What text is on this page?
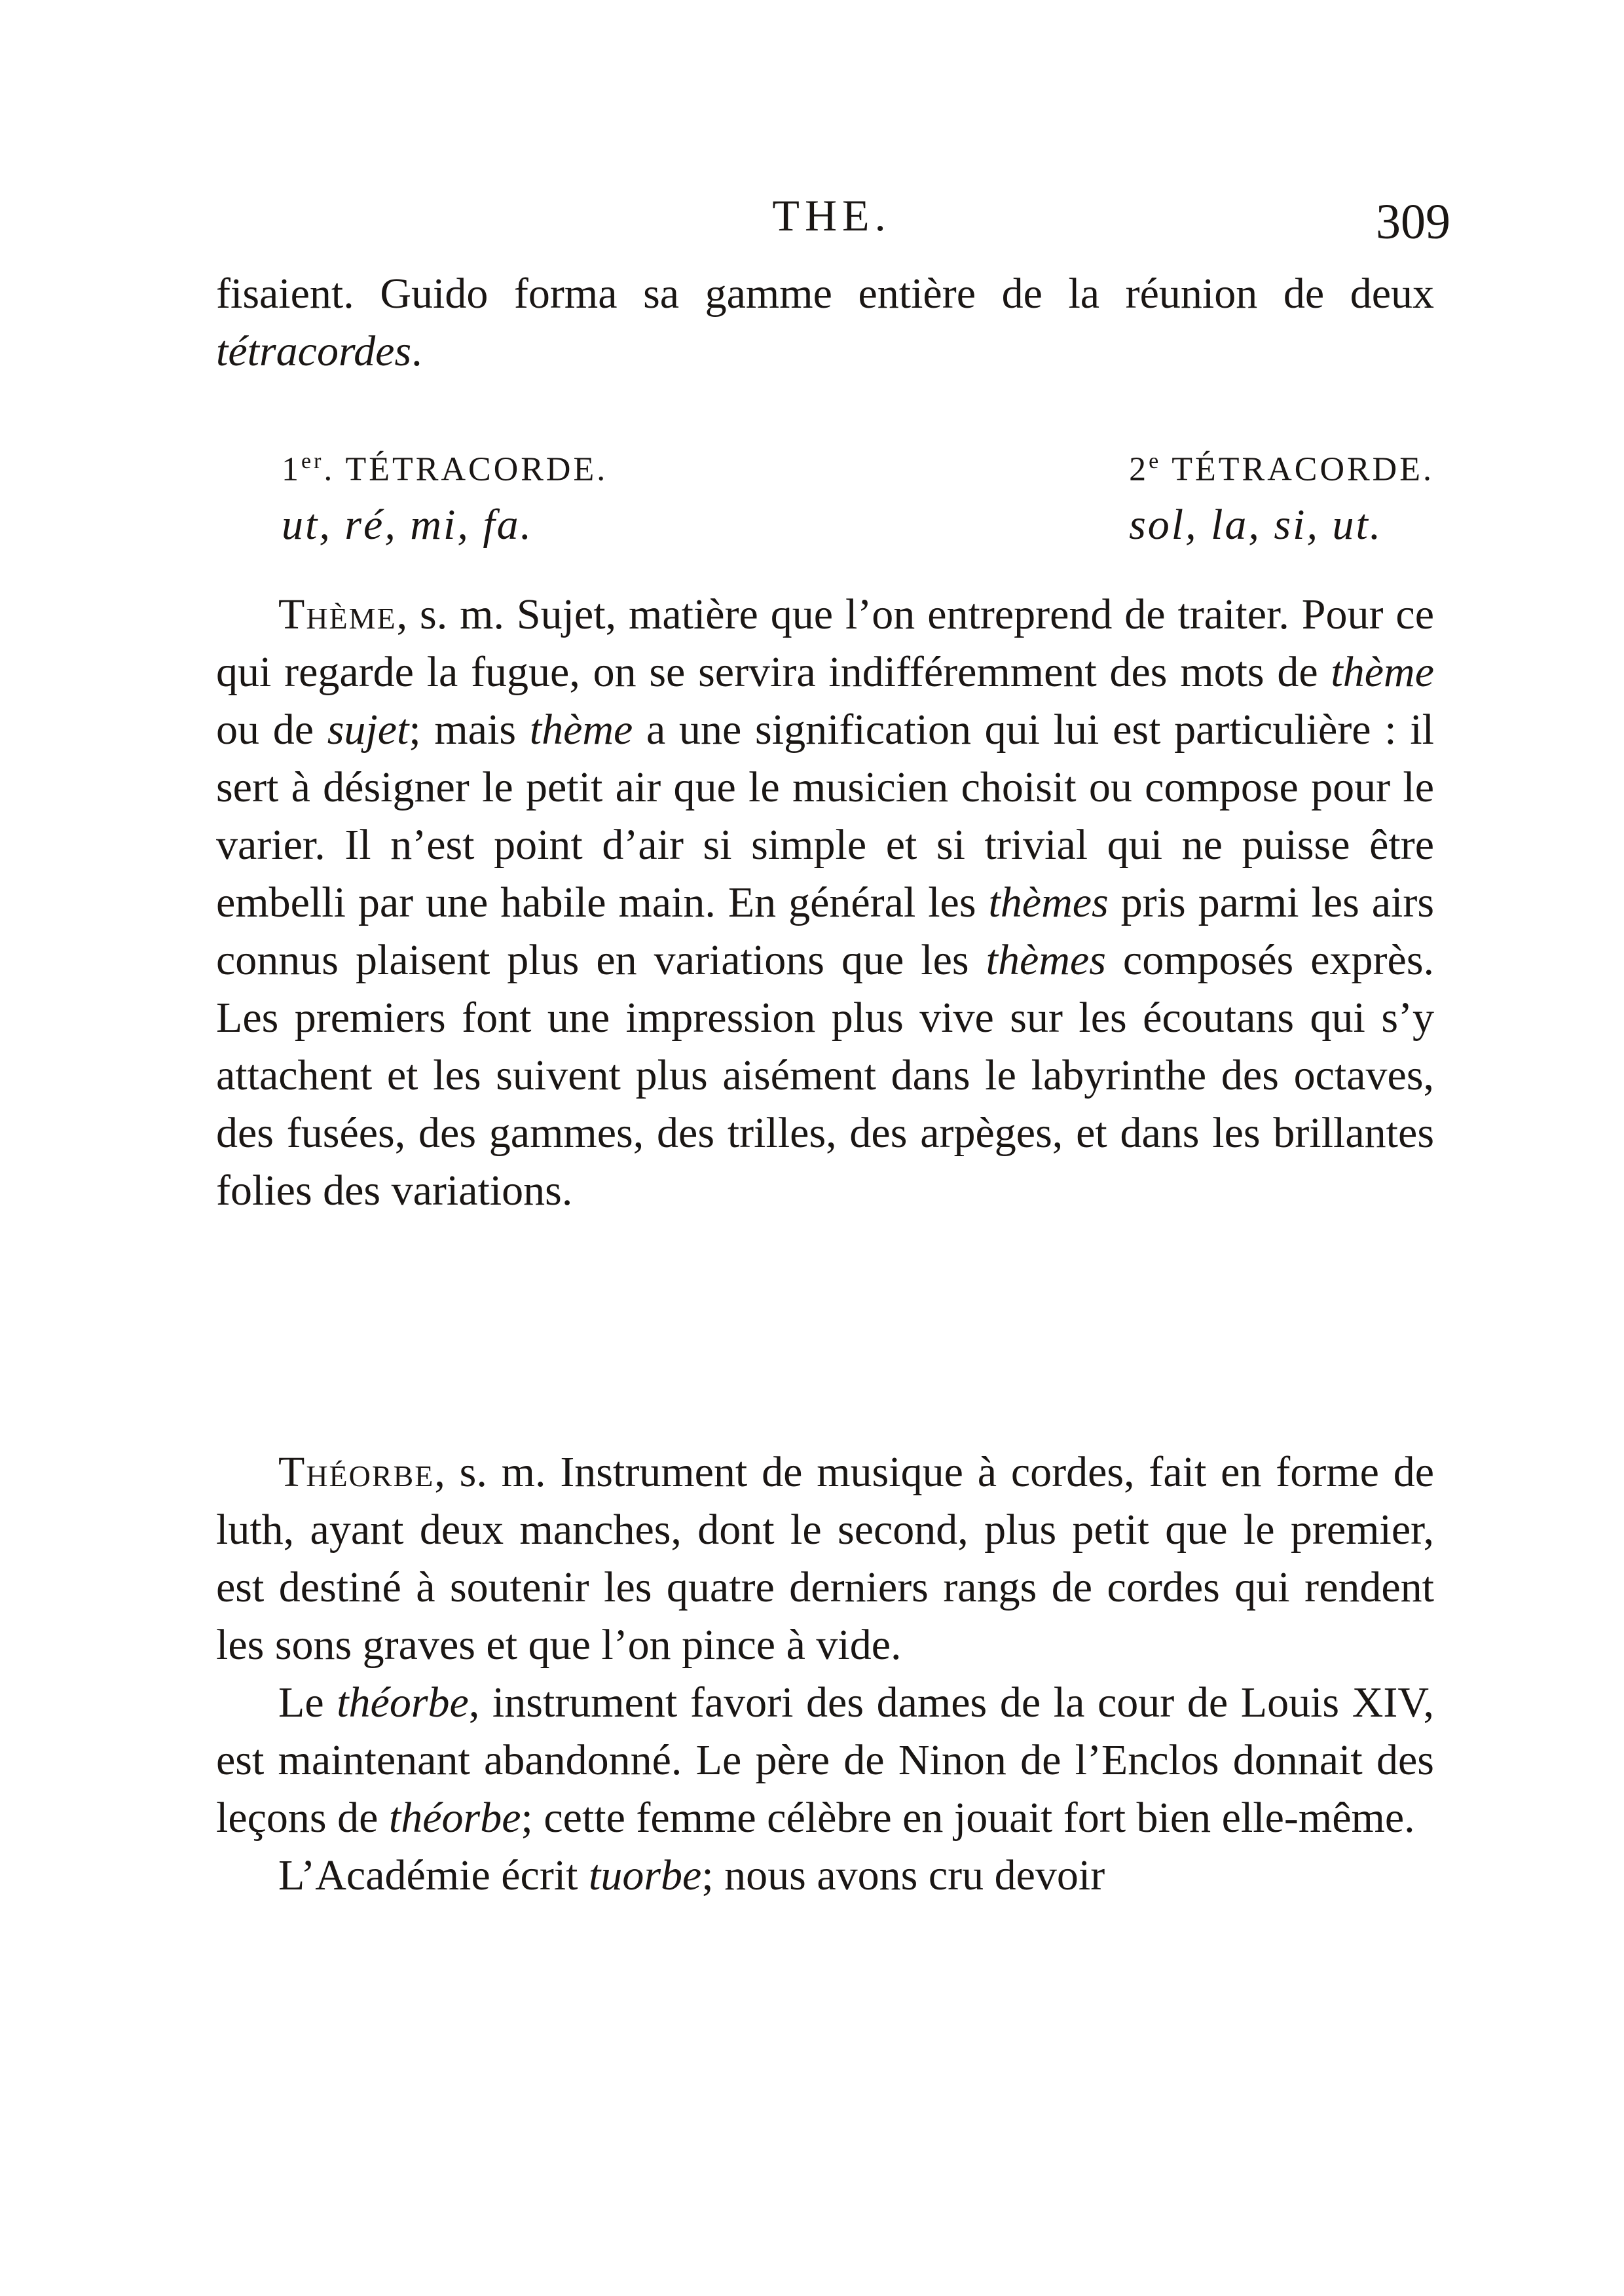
THE.	309

fisaient. Guido forma sa gamme entière de la réunion de deux tétracordes.

1er. TÉTRACORDE.
ut, ré, mi, fa.
2e TÉTRACORDE.
sol, la, si, ut.

Thème, s. m. Sujet, matière que l’on entreprend de traiter. Pour ce qui regarde la fugue, on se servira indifféremment des mots de thème ou de sujet; mais thème a une signification qui lui est particulière : il sert à désigner le petit air que le musicien choisit ou compose pour le varier. Il n’est point d’air si simple et si trivial qui ne puisse être embelli par une habile main. En général les thèmes pris parmi les airs connus plaisent plus en variations que les thèmes composés exprès. Les premiers font une impression plus vive sur les écoutans qui s’y attachent et les suivent plus aisément dans le labyrinthe des octaves, des fusées, des gammes, des trilles, des arpèges, et dans les brillantes folies des variations.

Théorbe, s. m. Instrument de musique à cordes, fait en forme de luth, ayant deux manches, dont le second, plus petit que le premier, est destiné à soutenir les quatre derniers rangs de cordes qui rendent les sons graves et que l’on pince à vide.

Le théorbe, instrument favori des dames de la cour de Louis XIV, est maintenant abandonné. Le père de Ninon de l’Enclos donnait des leçons de théorbe; cette femme célèbre en jouait fort bien elle-même.

L’Académie écrit tuorbe; nous avons cru devoir
